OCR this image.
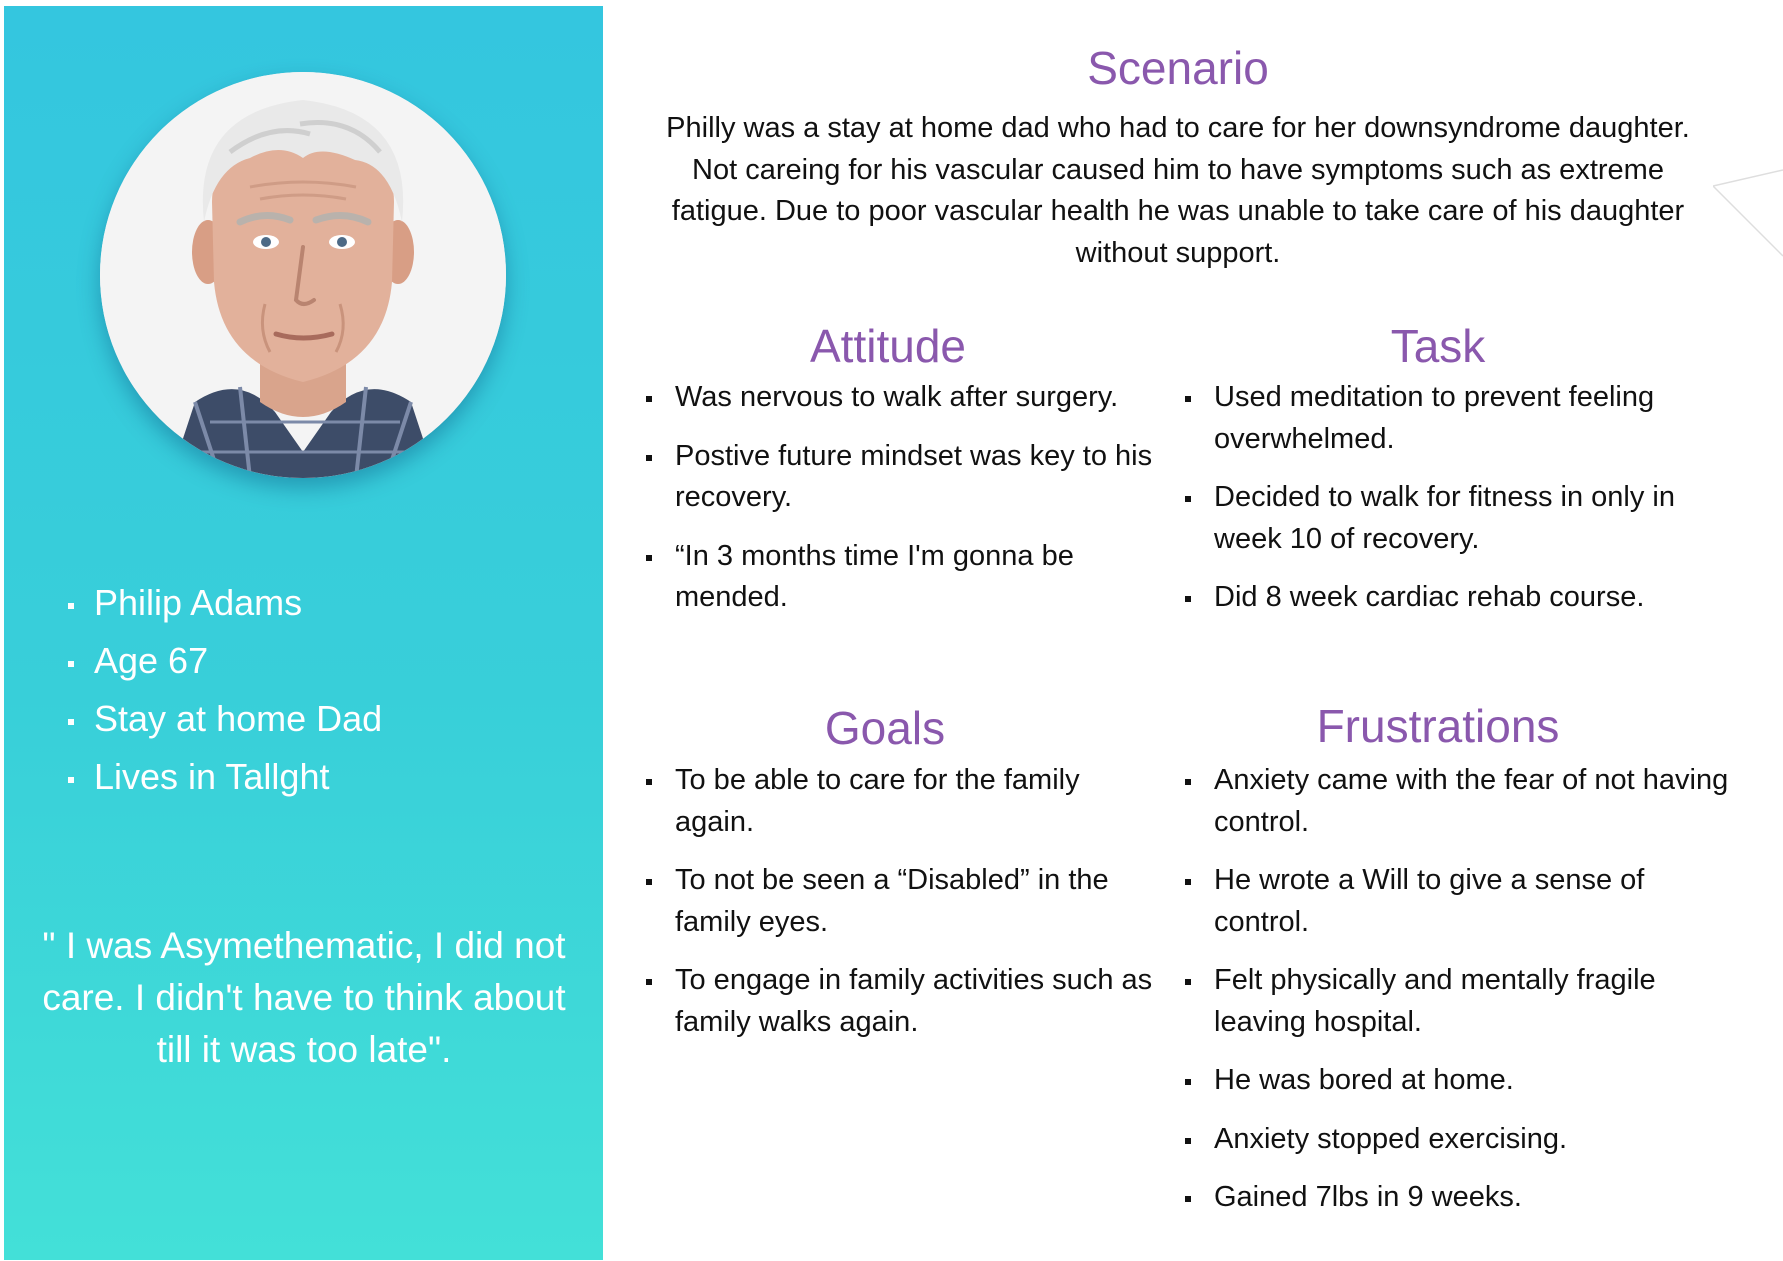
Philip Adams
Age 67
Stay at home Dad
Lives in Tallght

" I was Asymethematic, I did not care. I didn't have to think about till it was too late".

Scenario

Philly was a stay at home dad who had to care for her downsyndrome daughter. Not careing for his vascular caused him to have symptoms such as extreme fatigue. Due to poor vascular health he was unable to take care of his daughter without support.

Attitude
Was nervous to walk after surgery.
Postive future mindset was key to his recovery.
“In 3 months time I'm gonna be mended.
Task
Used meditation to prevent feeling overwhelmed.
Decided to walk for fitness in only in week 10 of recovery.
Did 8 week cardiac rehab course.
Goals
To be able to care for the family again.
To not be seen a “Disabled” in the family eyes.
To engage in family activities such as family walks again.
Frustrations
Anxiety came with the fear of not having control.
He wrote a Will to give a sense of control.
Felt physically and mentally fragile leaving hospital.
He was bored at home.
Anxiety stopped exercising.
Gained 7lbs in 9 weeks.
